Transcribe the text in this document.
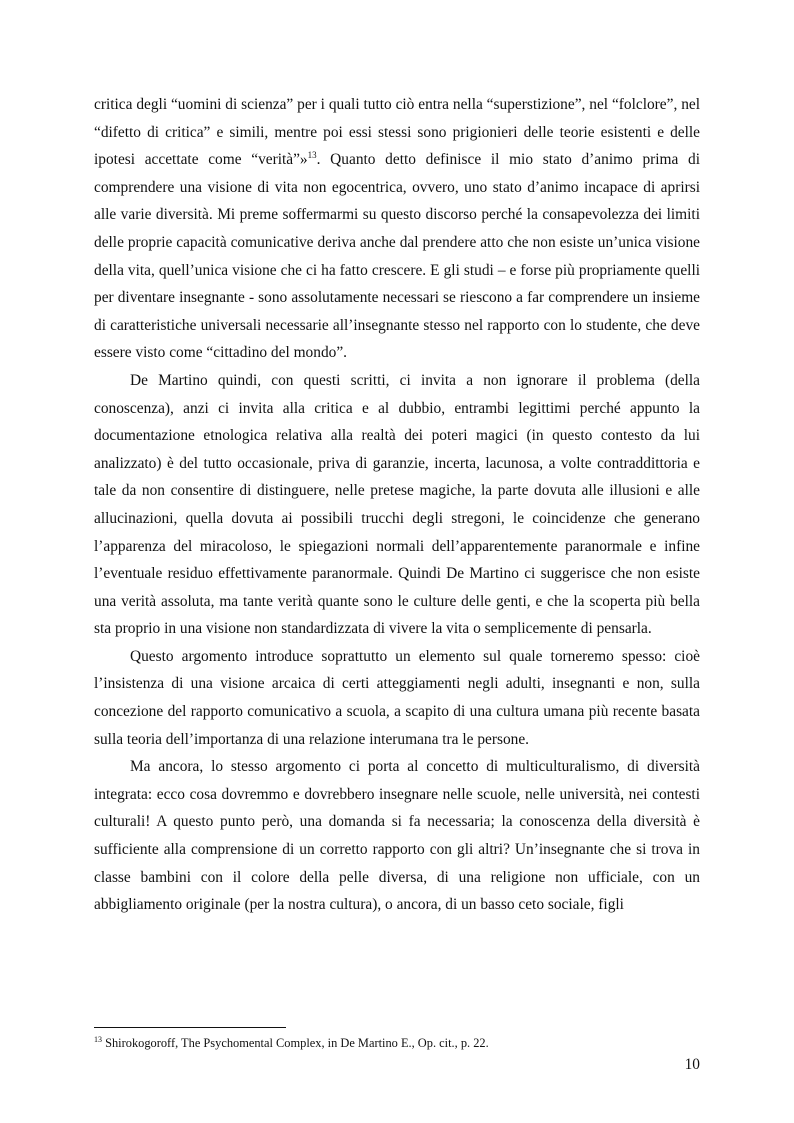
critica degli “uomini di scienza” per i quali tutto ciò entra nella “superstizione”, nel “folclore”, nel “difetto di critica” e simili, mentre poi essi stessi sono prigionieri delle teorie esistenti e delle ipotesi accettate come “verità”»$^{13}$. Quanto detto definisce il mio stato d’animo prima di comprendere una visione di vita non egocentrica, ovvero, uno stato d’animo incapace di aprirsi alle varie diversità. Mi preme soffermarmi su questo discorso perché la consapevolezza dei limiti delle proprie capacità comunicative deriva anche dal prendere atto che non esiste un’unica visione della vita, quell’unica visione che ci ha fatto crescere. E gli studi – e forse più propriamente quelli per diventare insegnante - sono assolutamente necessari se riescono a far comprendere un insieme di caratteristiche universali necessarie all’insegnante stesso nel rapporto con lo studente, che deve essere visto come “cittadino del mondo”.

De Martino quindi, con questi scritti, ci invita a non ignorare il problema (della conoscenza), anzi ci invita alla critica e al dubbio, entrambi legittimi perché appunto la documentazione etnologica relativa alla realtà dei poteri magici (in questo contesto da lui analizzato) è del tutto occasionale, priva di garanzie, incerta, lacunosa, a volte contraddittoria e tale da non consentire di distinguere, nelle pretese magiche, la parte dovuta alle illusioni e alle allucinazioni, quella dovuta ai possibili trucchi degli stregoni, le coincidenze che generano l’apparenza del miracoloso, le spiegazioni normali dell’apparentemente paranormale e infine l’eventuale residuo effettivamente paranormale. Quindi De Martino ci suggerisce che non esiste una verità assoluta, ma tante verità quante sono le culture delle genti, e che la scoperta più bella sta proprio in una visione non standardizzata di vivere la vita o semplicemente di pensarla.

Questo argomento introduce soprattutto un elemento sul quale torneremo spesso: cioè l’insistenza di una visione arcaica di certi atteggiamenti negli adulti, insegnanti e non, sulla concezione del rapporto comunicativo a scuola, a scapito di una cultura umana più recente basata sulla teoria dell’importanza di una relazione interumana tra le persone.

Ma ancora, lo stesso argomento ci porta al concetto di multiculturalismo, di diversità integrata: ecco cosa dovremmo e dovrebbero insegnare nelle scuole, nelle università, nei contesti culturali! A questo punto però, una domanda si fa necessaria; la conoscenza della diversità è sufficiente alla comprensione di un corretto rapporto con gli altri? Un’insegnante che si trova in classe bambini con il colore della pelle diversa, di una religione non ufficiale, con un abbigliamento originale (per la nostra cultura), o ancora, di un basso ceto sociale, figli

$^{13}$ Shirokogoroff, The Psychomental Complex, in De Martino E., Op. cit., p. 22.
10
